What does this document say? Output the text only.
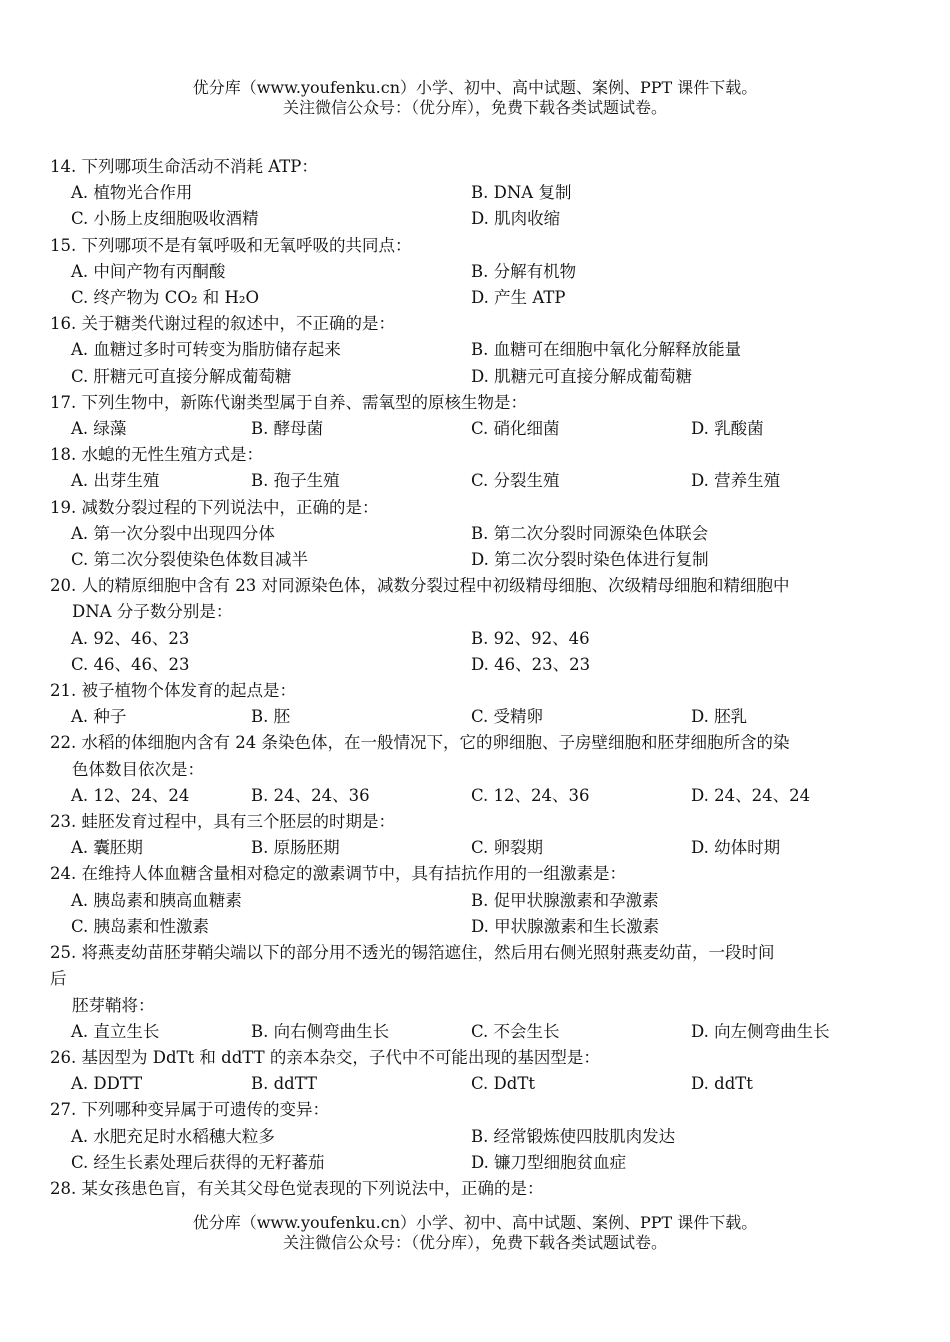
优分库（www.youfenku.cn）小学、初中、高中试题、案例、PPT 课件下载。
关注微信公众号：（优分库），免费下载各类试题试卷。
14. 下列哪项生命活动不消耗 ATP：
A. 植物光合作用	B. DNA 复制
C. 小肠上皮细胞吸收酒精	D. 肌肉收缩
15. 下列哪项不是有氧呼吸和无氧呼吸的共同点：
A. 中间产物有丙酮酸	B. 分解有机物
C. 终产物为 CO₂ 和 H₂O	D. 产生 ATP
16. 关于糖类代谢过程的叙述中，不正确的是：
A. 血糖过多时可转变为脂肪储存起来	B. 血糖可在细胞中氧化分解释放能量
C. 肝糖元可直接分解成葡萄糖	D. 肌糖元可直接分解成葡萄糖
17. 下列生物中，新陈代谢类型属于自养、需氧型的原核生物是：
A. 绿藻	B. 酵母菌	C. 硝化细菌	D. 乳酸菌
18. 水螅的无性生殖方式是：
A. 出芽生殖	B. 孢子生殖	C. 分裂生殖	D. 营养生殖
19. 减数分裂过程的下列说法中，正确的是：
A. 第一次分裂中出现四分体	B. 第二次分裂时同源染色体联会
C. 第二次分裂使染色体数目减半	D. 第二次分裂时染色体进行复制
20. 人的精原细胞中含有 23 对同源染色体，减数分裂过程中初级精母细胞、次级精母细胞和精细胞中
DNA 分子数分别是：
A. 92、46、23	B. 92、92、46
C. 46、46、23	D. 46、23、23
21. 被子植物个体发育的起点是：
A. 种子	B. 胚	C. 受精卵	D. 胚乳
22. 水稻的体细胞内含有 24 条染色体，在一般情况下，它的卵细胞、子房壁细胞和胚芽细胞所含的染
色体数目依次是：
A. 12、24、24	B. 24、24、36	C. 12、24、36	D. 24、24、24
23. 蛙胚发育过程中，具有三个胚层的时期是：
A. 囊胚期	B. 原肠胚期	C. 卵裂期	D. 幼体时期
24. 在维持人体血糖含量相对稳定的激素调节中，具有拮抗作用的一组激素是：
A. 胰岛素和胰高血糖素	B. 促甲状腺激素和孕激素
C. 胰岛素和性激素	D. 甲状腺激素和生长激素
25. 将燕麦幼苗胚芽鞘尖端以下的部分用不透光的锡箔遮住，然后用右侧光照射燕麦幼苗，一段时间
后
胚芽鞘将：
A. 直立生长	B. 向右侧弯曲生长	C. 不会生长	D. 向左侧弯曲生长
26. 基因型为 DdTt 和 ddTT 的亲本杂交，子代中不可能出现的基因型是：
A. DDTT	B. ddTT	C. DdTt	D. ddTt
27. 下列哪种变异属于可遗传的变异：
A. 水肥充足时水稻穗大粒多	B. 经常锻炼使四肢肌肉发达
C. 经生长素处理后获得的无籽蕃茄	D. 镰刀型细胞贫血症
28. 某女孩患色盲，有关其父母色觉表现的下列说法中，正确的是：
优分库（www.youfenku.cn）小学、初中、高中试题、案例、PPT 课件下载。
关注微信公众号：（优分库），免费下载各类试题试卷。
